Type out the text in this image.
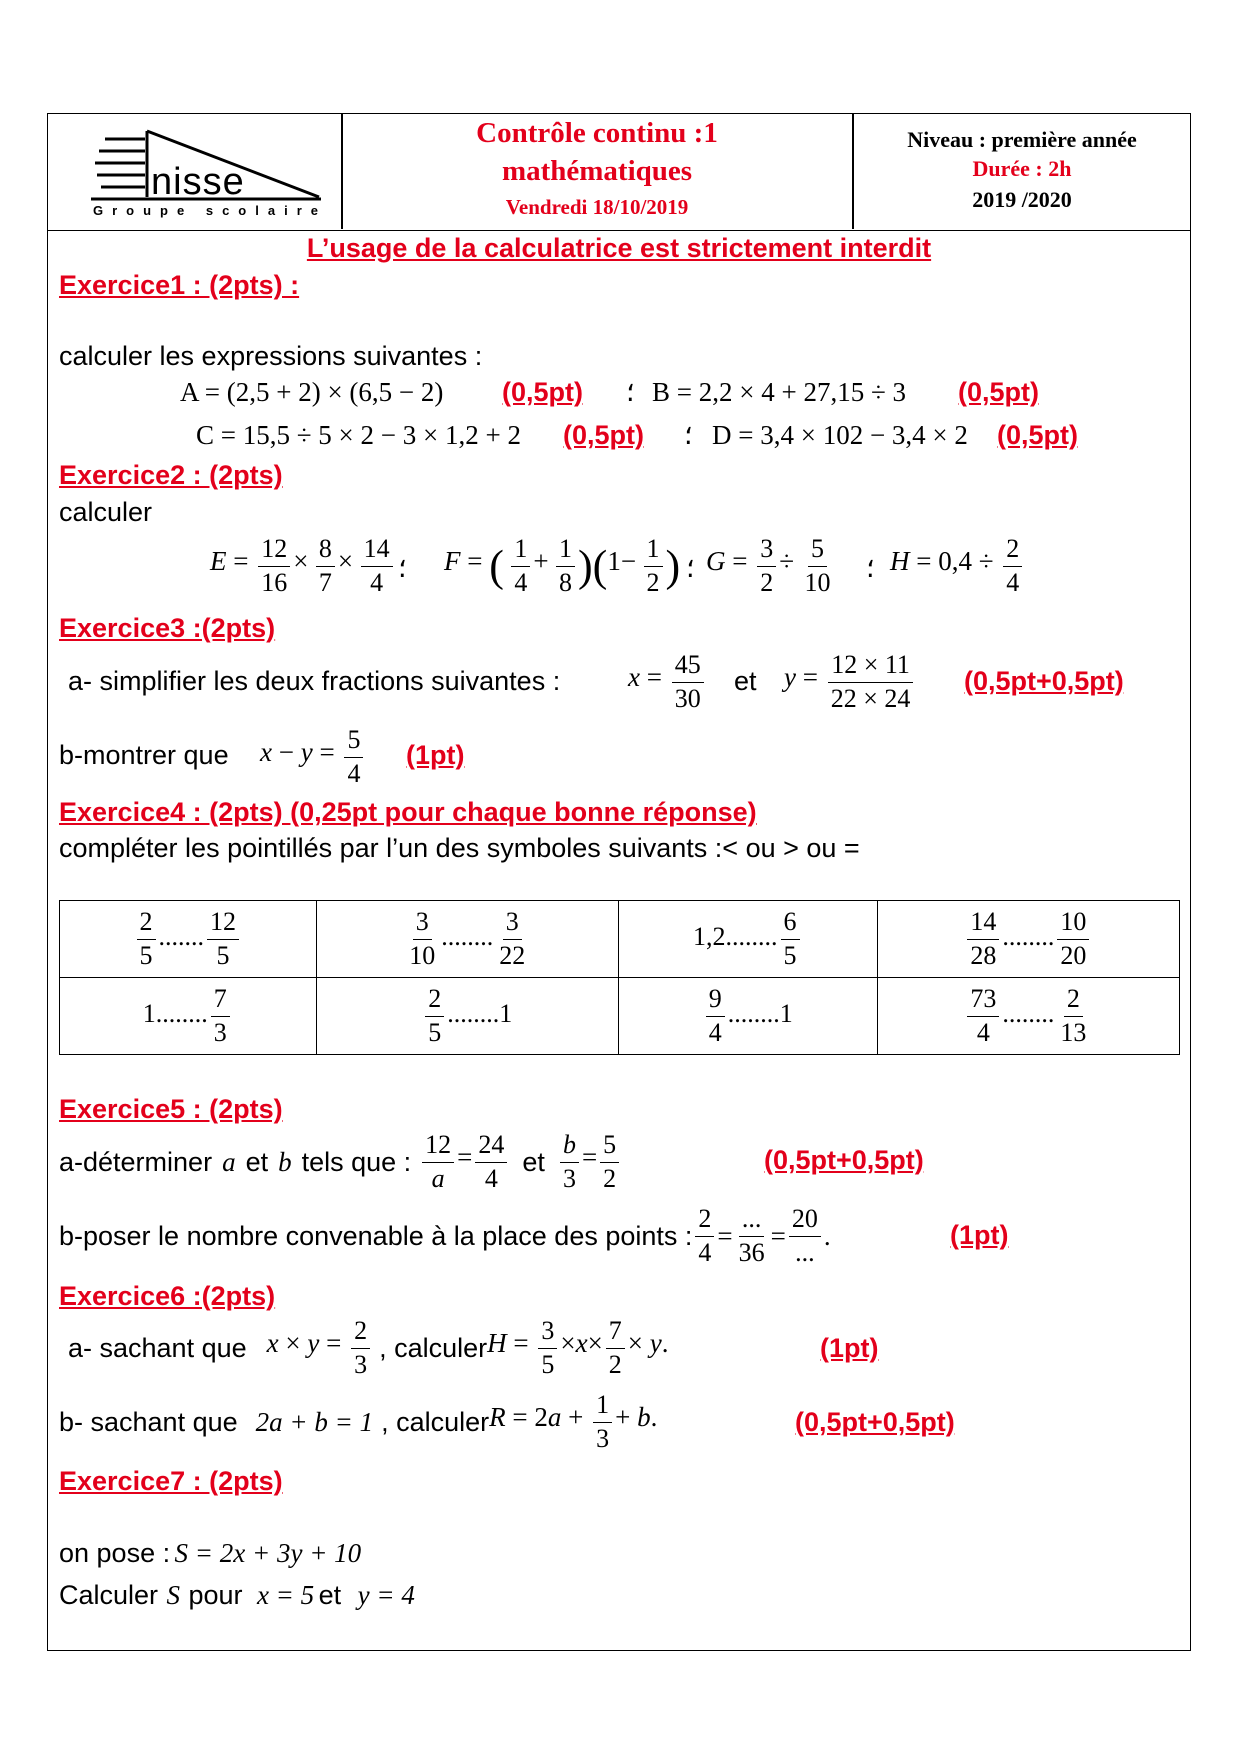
nisse
Groupe scolaire
Contrôle continu :1
mathématiques
Vendredi 18/10/2019
Niveau : première année
Durée : 2h
2019 /2020
L’usage de la calculatrice est strictement interdit
Exercice1 : (2pts) :
calculer les expressions suivantes :
A = (2,5 + 2) × (6,5 − 2) (0,5pt) ؛ B = 2,2 × 4 + 27,15 ÷ 3 (0,5pt)
C = 15,5 ÷ 5 × 2 − 3 × 1,2 + 2 (0,5pt) ؛ D = 3,4 × 102 − 3,4 × 2 (0,5pt)
Exercice2 : (2pts)
calculer
$E = \frac{12}{16} \times \frac{8}{7} \times \frac{14}{4}$ ؛ F = ( $\frac{1}{4} + \frac{1}{8} )(1- \frac{1}{2}$ ) ؛ $G = \frac{3}{2} \div \frac{5}{10}$ ؛ $H = 0,4 \div \frac{2}{4}$
Exercice3 :(2pts)
a- simplifier les deux fractions suivantes :	$x = \frac{45}{30}$ et $y = \frac{12 \times 11}{22 \times 24} (0,5pt+0,5pt)$
b-montrer que $x - y = \frac{5}{4} (1pt)$
Exercice4 : (2pts) (0,25pt pour chaque bonne réponse)
compléter les pointillés par l’un des symboles suivants :< ou > ou =
$\frac{2}{5}$ ....... $\frac{12}{5}$	$\frac{3}{10}$ ........ $\frac{3}{22}$	1,2........ $\frac{6}{5}$	$\frac{14}{28}$ ........ $\frac{10}{20}$

1........ $\frac{7}{3}$	$\frac{2}{5} ........1$	$\frac{9}{4} ........1$	$\frac{73}{4}$ ........ $\frac{2}{13}$
Exercice5 : (2pts)
a-déterminer a et b tels que : $\frac{12}{a} = \frac{24}{4}$ et $\frac{b}{3} = \frac{5}{2}$	(0,5pt+0,5pt)
b-poser le nombre convenable à la place des points : $\frac{2}{4}$ =
...
36
=
20
...
.	(1pt)
Exercice6 :(2pts)
a- sachant que $x \times y = \frac{2}{3}$ , calculer $H = \frac{3}{5} \times x\times \frac{7}{2} \times y$.	(1pt)
b- sachant que 2a + b = 1 , calculer $R = 2a + \frac{1}{3} + b$.	(0,5pt+0,5pt)
Exercice7 : (2pts)
on pose : S = 2x + 3y + 10
Calculer S pour x = 5 et y = 4
